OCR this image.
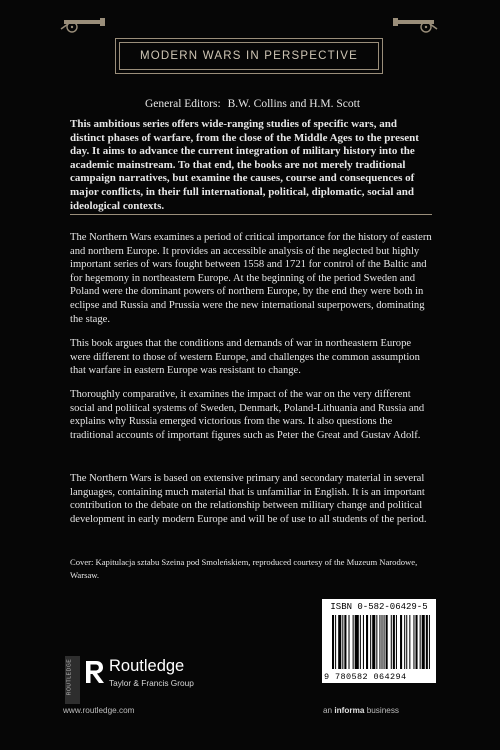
MODERN WARS IN PERSPECTIVE
General Editors: B.W. Collins and H.M. Scott

This ambitious series offers wide-ranging studies of specific wars, and distinct phases of warfare, from the close of the Middle Ages to the present day. It aims to advance the current integration of military history into the academic mainstream. To that end, the books are not merely traditional campaign narratives, but examine the causes, course and consequences of major conflicts, in their full international, political, diplomatic, social and ideological contexts.

The Northern Wars examines a period of critical importance for the history of eastern and northern Europe. It provides an accessible analysis of the neglected but highly important series of wars fought between 1558 and 1721 for control of the Baltic and for hegemony in northeastern Europe. At the beginning of the period Sweden and Poland were the dominant powers of northern Europe, by the end they were both in eclipse and Russia and Prussia were the new international superpowers, dominating the stage.

This book argues that the conditions and demands of war in northeastern Europe were different to those of western Europe, and challenges the common assumption that warfare in eastern Europe was resistant to change.

Thoroughly comparative, it examines the impact of the war on the very different social and political systems of Sweden, Denmark, Poland-Lithuania and Russia and explains why Russia emerged victorious from the wars. It also questions the traditional accounts of important figures such as Peter the Great and Gustav Adolf.

The Northern Wars is based on extensive primary and secondary material in several languages, containing much material that is unfamiliar in English. It is an important contribution to the debate on the relationship between military change and political development in early modern Europe and will be of use to all students of the period.

Cover: Kapitulacja sztabu Szeina pod Smoleńskiem, reproduced courtesy of the Muzeum Narodowe, Warsaw.

ISBN 0-582-06429-5
9 780582 064294
ROUTLEDGE Routledge
Taylor & Francis Group
www.routledge.com	an informa business
